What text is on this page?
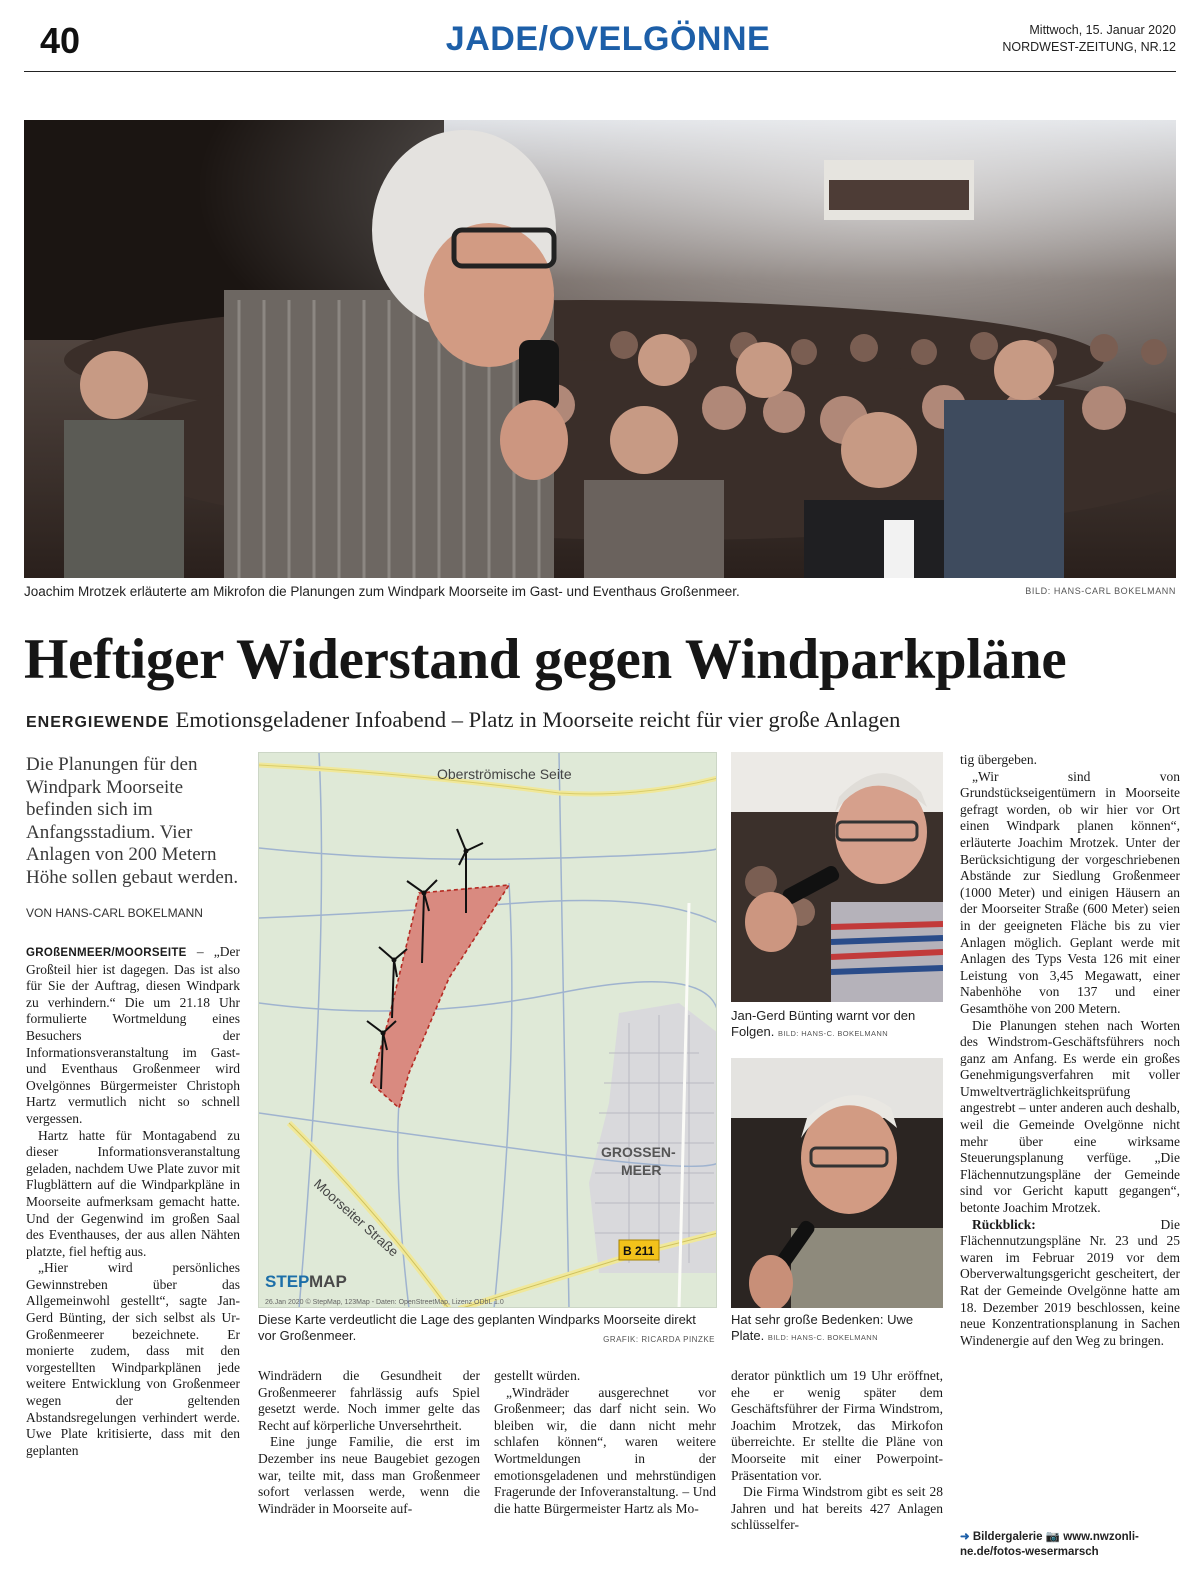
40	JADE/OVELGÖNNE	Mittwoch, 15. Januar 2020
NORDWEST-ZEITUNG, NR.12
Joachim Mrotzek erläuterte am Mikrofon die Planungen zum Windpark Moorseite im Gast- und Eventhaus Großenmeer.	BILD: HANS-CARL BOKELMANN
Heftiger Widerstand gegen Windparkpläne
ENERGIEWENDE Emotionsgeladener Infoabend – Platz in Moorseite reicht für vier große Anlagen
Die Planungen für den Windpark Moorseite befinden sich im Anfangsstadium. Vier Anlagen von 200 Metern Höhe sollen gebaut werden.
VON HANS-CARL BOKELMANN

GROßENMEER/MOORSEITE – „Der Großteil hier ist dagegen. Das ist also für Sie der Auftrag, diesen Windpark zu verhindern.“ Die um 21.18 Uhr formulierte Wortmeldung eines Besuchers der Informationsveranstaltung im Gast- und Eventhaus Großenmeer wird Ovelgönnes Bürgermeister Christoph Hartz vermutlich nicht so schnell vergessen.

Hartz hatte für Montagabend zu dieser Informationsveranstaltung geladen, nachdem Uwe Plate zuvor mit Flugblättern auf die Windparkpläne in Moorseite aufmerksam gemacht hatte. Und der Gegenwind im großen Saal des Eventhauses, der aus allen Nähten platzte, fiel heftig aus.

„Hier wird persönliches Gewinnstreben über das Allgemeinwohl gestellt“, sagte Jan-Gerd Bünting, der sich selbst als Ur-Großenmeerer bezeichnete. Er monierte zudem, dass mit den vorgestellten Windparkplänen jede weitere Entwicklung von Großenmeer wegen der geltenden Abstandsregelungen verhindert werde. Uwe Plate kritisierte, dass mit den geplanten

Oberströmische Seite
Moorseiter Straße
GROSSEN-
MEER
B 211
STEP MAP
26.Jan 2020 © StepMap, 123Map - Daten: OpenStreetMap, Lizenz ODbL 1.0
Diese Karte verdeutlicht die Lage des geplanten Windparks Moorseite direkt vor Großenmeer.	GRAFIK: RICARDA PINZKE
Jan-Gerd Bünting warnt vor den Folgen. BILD: HANS-C. BOKELMANN
Hat sehr große Bedenken: Uwe Plate. BILD: HANS-C. BOKELMANN

Windrädern die Gesundheit der Großenmeerer fahrlässig aufs Spiel gesetzt werde. Noch immer gelte das Recht auf körperliche Unversehrtheit.

Eine junge Familie, die erst im Dezember ins neue Baugebiet gezogen war, teilte mit, dass man Großenmeer sofort verlassen werde, wenn die Windräder in Moorseite auf-

gestellt würden.

„Windräder ausgerechnet vor Großenmeer; das darf nicht sein. Wo bleiben wir, die dann nicht mehr schlafen können“, waren weitere Wortmeldungen in der emotionsgeladenen und mehrstündigen Fragerunde der Infoveranstaltung. – Und die hatte Bürgermeister Hartz als Mo-

derator pünktlich um 19 Uhr eröffnet, ehe er wenig später dem Geschäftsführer der Firma Windstrom, Joachim Mrotzek, das Mirkofon überreichte. Er stellte die Pläne von Moorseite mit einer Powerpoint-Präsentation vor.

Die Firma Windstrom gibt es seit 28 Jahren und hat bereits 427 Anlagen schlüsselfer-

tig übergeben.

„Wir sind von Grundstückseigentümern in Moorseite gefragt worden, ob wir hier vor Ort einen Windpark planen können“, erläuterte Joachim Mrotzek. Unter der Berücksichtigung der vorgeschriebenen Abstände zur Siedlung Großenmeer (1000 Meter) und einigen Häusern an der Moorseiter Straße (600 Meter) seien in der geeigneten Fläche bis zu vier Anlagen möglich. Geplant werde mit Anlagen des Typs Vesta 126 mit einer Leistung von 3,45 Megawatt, einer Nabenhöhe von 137 und einer Gesamthöhe von 200 Metern.

Die Planungen stehen nach Worten des Windstrom-Geschäftsführers noch ganz am Anfang. Es werde ein großes Genehmigungsverfahren mit voller Umweltverträglichkeitsprüfung angestrebt – unter anderen auch deshalb, weil die Gemeinde Ovelgönne nicht mehr über eine wirksame Steuerungsplanung verfüge. „Die Flächennutzungspläne der Gemeinde sind vor Gericht kaputt gegangen“, betonte Joachim Mrotzek.

Rückblick:	Die Flächennutzungspläne Nr. 23 und 25 waren im Februar 2019 vor dem Oberverwaltungsgericht gescheitert, der Rat der Gemeinde Ovelgönne hatte am 18. Dezember 2019 beschlossen, keine neue Konzentrationsplanung in Sachen Windenergie auf den Weg zu bringen.

➜ Bildergalerie 📷 www.nwzonli-
ne.de/fotos-wesermarsch
